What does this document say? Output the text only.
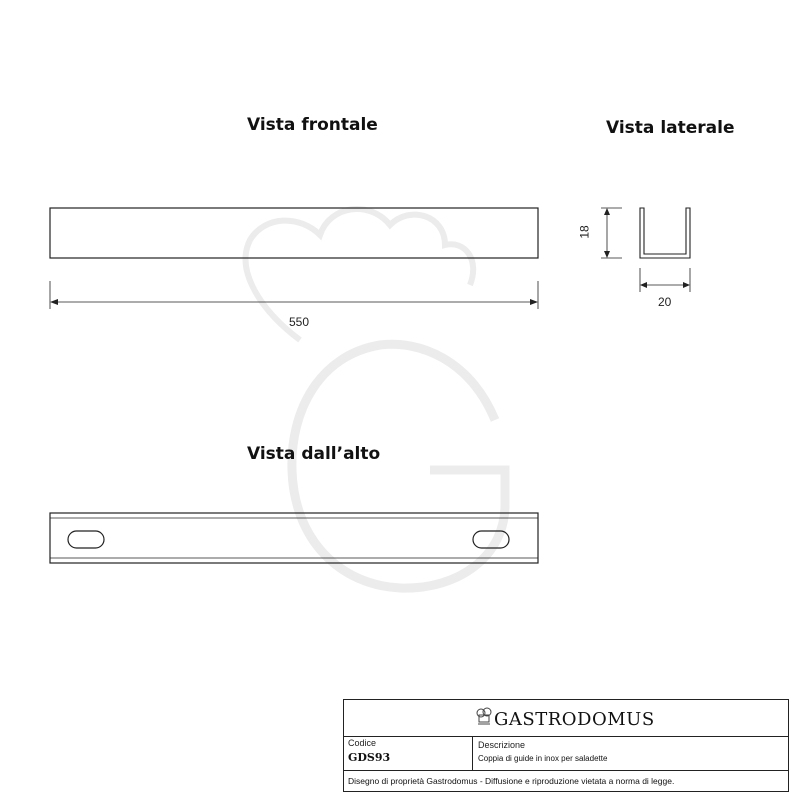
Vista frontale	Vista laterale
Vista dall’alto
550
18
20
GASTRODOMUS
Codice
GDS93
Descrizione
Coppia di guide in inox per saladette
Disegno di proprietà Gastrodomus - Diffusione e riproduzione vietata a norma di legge.
